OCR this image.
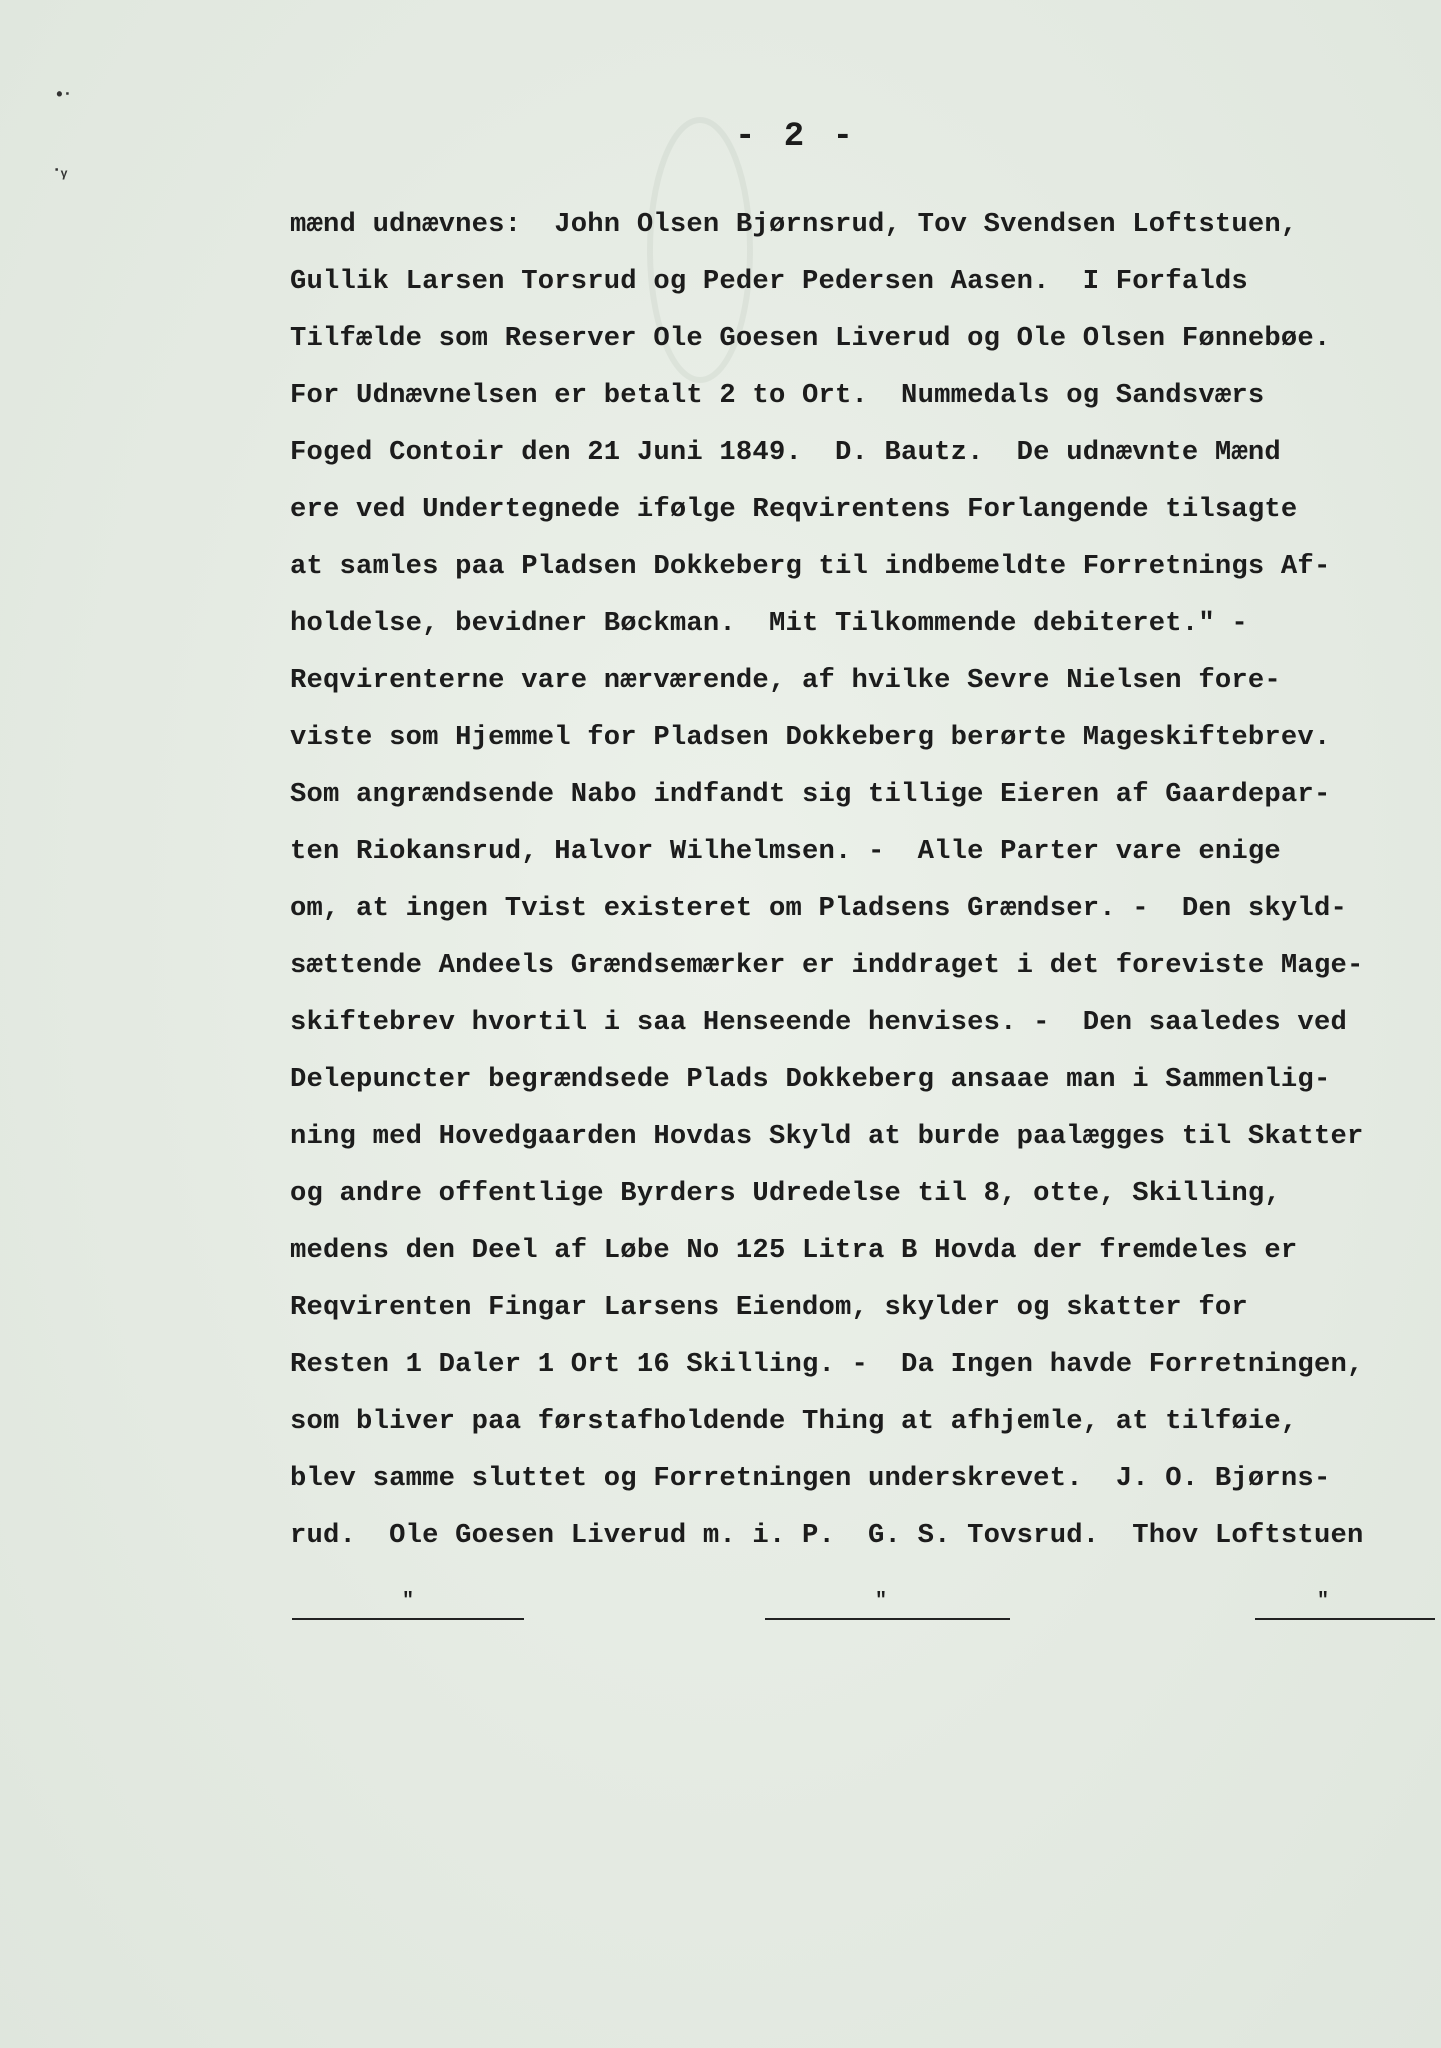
•ᐧ
ᐧᵧ
- 2 -
mænd udnævnes:  John Olsen Bjørnsrud, Tov Svendsen Loftstuen,
Gullik Larsen Torsrud og Peder Pedersen Aasen.  I Forfalds
Tilfælde som Reserver Ole Goesen Liverud og Ole Olsen Fønnebøe.
For Udnævnelsen er betalt 2 to Ort.  Nummedals og Sandsværs
Foged Contoir den 21 Juni 1849.  D. Bautz.  De udnævnte Mænd
ere ved Undertegnede ifølge Reqvirentens Forlangende tilsagte
at samles paa Pladsen Dokkeberg til indbemeldte Forretnings Af-
holdelse, bevidner Bøckman.  Mit Tilkommende debiteret." -
Reqvirenterne vare nærværende, af hvilke Sevre Nielsen fore-
viste som Hjemmel for Pladsen Dokkeberg berørte Mageskiftebrev.
Som angrændsende Nabo indfandt sig tillige Eieren af Gaardepar-
ten Riokansrud, Halvor Wilhelmsen. -  Alle Parter vare enige
om, at ingen Tvist existeret om Pladsens Grændser. -  Den skyld-
sættende Andeels Grændsemærker er inddraget i det foreviste Mage-
skiftebrev hvortil i saa Henseende henvises. -  Den saaledes ved
Delepuncter begrændsede Plads Dokkeberg ansaae man i Sammenlig-
ning med Hovedgaarden Hovdas Skyld at burde paalægges til Skatter
og andre offentlige Byrders Udredelse til 8, otte, Skilling,
medens den Deel af Løbe No 125 Litra B Hovda der fremdeles er
Reqvirenten Fingar Larsens Eiendom, skylder og skatter for
Resten 1 Daler 1 Ort 16 Skilling. -  Da Ingen havde Forretningen,
som bliver paa førstafholdende Thing at afhjemle, at tilføie,
blev samme sluttet og Forretningen underskrevet.  J. O. Bjørns-
rud.  Ole Goesen Liverud m. i. P.  G. S. Tovsrud.  Thov Loftstuen
"	"	"
